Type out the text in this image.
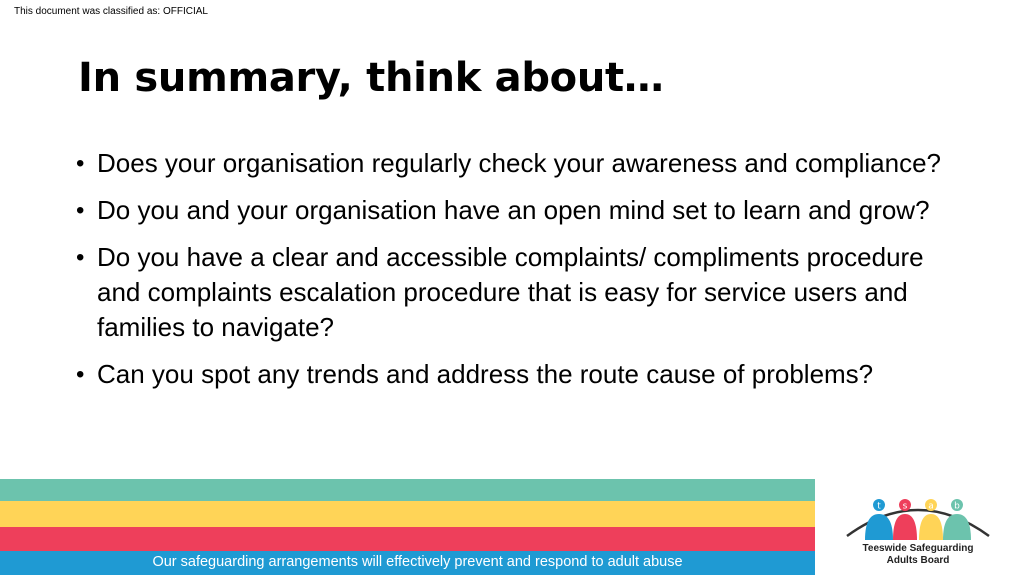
This document was classified as: OFFICIAL
In summary, think about…
• Does your organisation regularly check your awareness and compliance?
• Do you and your organisation have an open mind set to learn and grow?
• Do you have a clear and accessible complaints/ compliments procedure and complaints escalation procedure that is easy for service users and families to navigate?
• Can you spot any trends and address the route cause of problems?
Our safeguarding arrangements will effectively prevent and respond to adult abuse
t s a b
Teeswide Safeguarding
Adults Board
